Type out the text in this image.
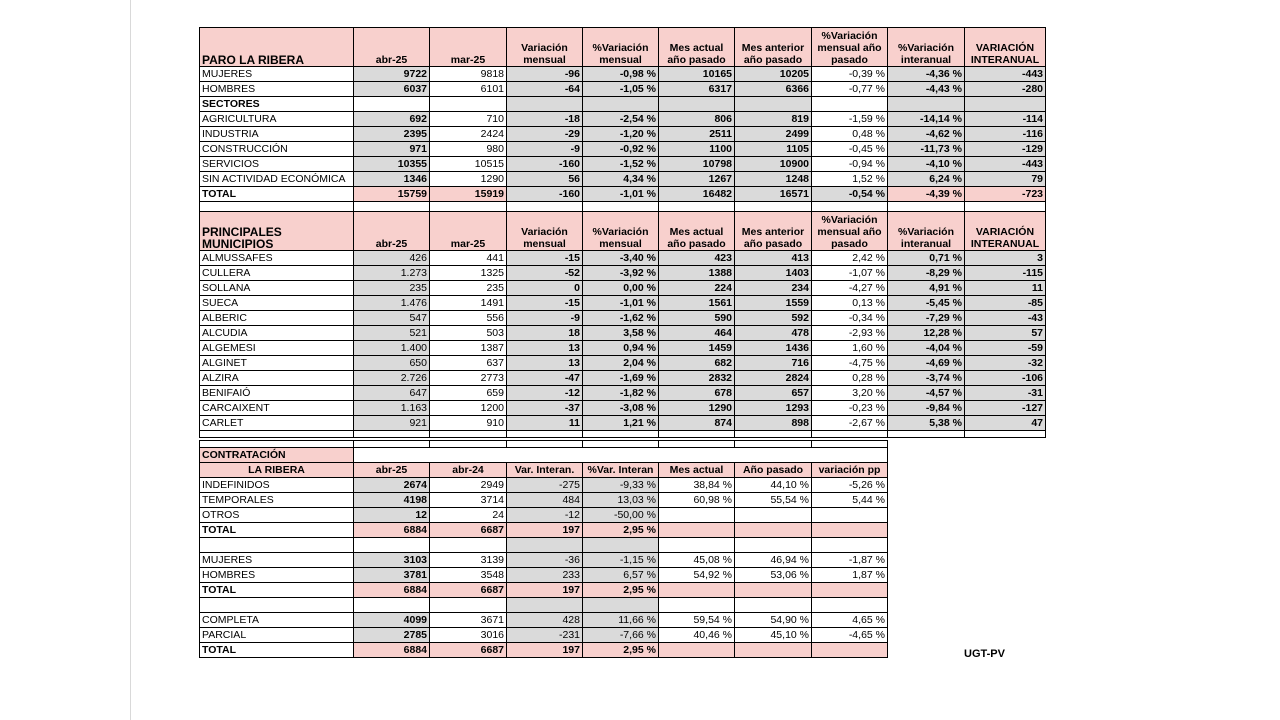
PARO LA RIBERA	abr-25	mar-25	Variación mensual	%Variación mensual	Mes actual año pasado	Mes anterior año pasado	%Variación mensual año pasado	%Variación interanual	VARIACIÓN INTERANUAL
MUJERES	9722	9818	-96	-0,98 %	10165	10205	-0,39 %	-4,36 %	-443
HOMBRES	6037	6101	-64	-1,05 %	6317	6366	-0,77 %	-4,43 %	-280
SECTORES									
AGRICULTURA	692	710	-18	-2,54 %	806	819	-1,59 %	-14,14 %	-114
INDUSTRIA	2395	2424	-29	-1,20 %	2511	2499	0,48 %	-4,62 %	-116
CONSTRUCCIÓN	971	980	-9	-0,92 %	1100	1105	-0,45 %	-11,73 %	-129
SERVICIOS	10355	10515	-160	-1,52 %	10798	10900	-0,94 %	-4,10 %	-443
SIN ACTIVIDAD ECONÓMICA	1346	1290	56	4,34 %	1267	1248	1,52 %	6,24 %	79
TOTAL	15759	15919	-160	-1,01 %	16482	16571	-0,54 %	-4,39 %	-723

PRINCIPALES MUNICIPIOS	abr-25	mar-25	Variación mensual	%Variación mensual	Mes actual año pasado	Mes anterior año pasado	%Variación mensual año pasado	%Variación interanual	VARIACIÓN INTERANUAL
ALMUSSAFES	426	441	-15	-3,40 %	423	413	2,42 %	0,71 %	3
CULLERA	1.273	1325	-52	-3,92 %	1388	1403	-1,07 %	-8,29 %	-115
SOLLANA	235	235	0	0,00 %	224	234	-4,27 %	4,91 %	11
SUECA	1.476	1491	-15	-1,01 %	1561	1559	0,13 %	-5,45 %	-85
ALBERIC	547	556	-9	-1,62 %	590	592	-0,34 %	-7,29 %	-43
ALCUDIA	521	503	18	3,58 %	464	478	-2,93 %	12,28 %	57
ALGEMESI	1.400	1387	13	0,94 %	1459	1436	1,60 %	-4,04 %	-59
ALGINET	650	637	13	2,04 %	682	716	-4,75 %	-4,69 %	-32
ALZIRA	2.726	2773	-47	-1,69 %	2832	2824	0,28 %	-3,74 %	-106
BENIFAIÓ	647	659	-12	-1,82 %	678	657	3,20 %	-4,57 %	-31
CARCAIXENT	1.163	1200	-37	-3,08 %	1290	1293	-0,23 %	-9,84 %	-127
CARLET	921	910	11	1,21 %	874	898	-2,67 %	5,38 %	47

CONTRATACIÓN							
LA RIBERA	abr-25	abr-24	Var. Interan.	%Var. Interan	Mes actual	Año pasado	variación pp
INDEFINIDOS	2674	2949	-275	-9,33 %	38,84 %	44,10 %	-5,26 %
TEMPORALES	4198	3714	484	13,03 %	60,98 %	55,54 %	5,44 %
OTROS	12	24	-12	-50,00 %			
TOTAL	6884	6687	197	2,95 %			

MUJERES	3103	3139	-36	-1,15 %	45,08 %	46,94 %	-1,87 %
HOMBRES	3781	3548	233	6,57 %	54,92 %	53,06 %	1,87 %
TOTAL	6884	6687	197	2,95 %			

COMPLETA	4099	3671	428	11,66 %	59,54 %	54,90 %	4,65 %
PARCIAL	2785	3016	-231	-7,66 %	40,46 %	45,10 %	-4,65 %
TOTAL	6884	6687	197	2,95 %				UGT-PV
